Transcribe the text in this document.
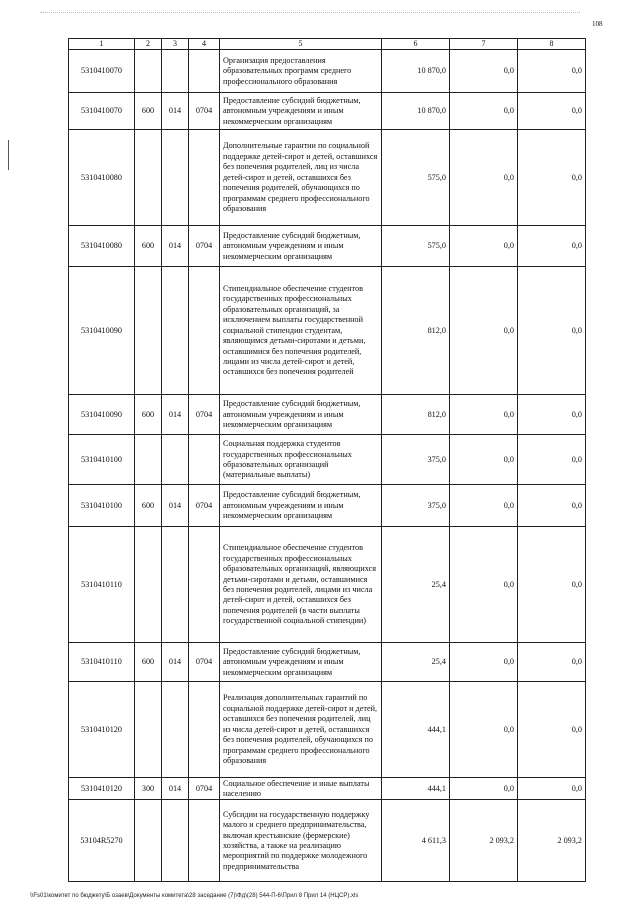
108
1	2	3	4	5	6	7	8
5310410070				Организация предоставления образовательных программ среднего профессионального образования	10 870,0	0,0	0,0
5310410070	600	014	0704	Предоставление субсидий бюджетным, автономным учреждениям и иным некоммерческим организациям	10 870,0	0,0	0,0
5310410080				Дополнительные гарантии по социальной поддержке детей-сирот и детей, оставшихся без попечения родителей, лиц из числа детей-сирот и детей, оставшихся без попечения родителей, обучающихся по программам среднего профессионального образования	575,0	0,0	0,0
5310410080	600	014	0704	Предоставление субсидий бюджетным, автономным учреждениям и иным некоммерческим организациям	575,0	0,0	0,0
5310410090				Стипендиальное обеспечение студентов государственных профессиональных образовательных организаций, за исключением выплаты государственной социальной стипендии студентам, являющимся детьми-сиротами и детьми, оставшимися без попечения родителей, лицами из числа детей-сирот и детей, оставшихся без попечения родителей	812,0	0,0	0,0
5310410090	600	014	0704	Предоставление субсидий бюджетным, автономным учреждениям и иным некоммерческим организациям	812,0	0,0	0,0
5310410100				Социальная поддержка студентов государственных профессиональных образовательных организаций (материальные выплаты)	375,0	0,0	0,0
5310410100	600	014	0704	Предоставление субсидий бюджетным, автономным учреждениям и иным некоммерческим организациям	375,0	0,0	0,0
5310410110				Стипендиальное обеспечение студентов государственных профессиональных образовательных организаций, являющихся детьми-сиротами и детьми, оставшимися без попечения родителей, лицами из числа детей-сирот и детей, оставшихся без попечения родителей (в части выплаты государственной социальной стипендии)	25,4	0,0	0,0
5310410110	600	014	0704	Предоставление субсидий бюджетным, автономным учреждениям и иным некоммерческим организациям	25,4	0,0	0,0
5310410120				Реализация дополнительных гарантий по социальной поддержке детей-сирот и детей, оставшихся без попечения родителей, лиц из числа детей-сирот и детей, оставшихся без попечения родителей, обучающихся по программам среднего профессионального образования	444,1	0,0	0,0
5310410120	300	014	0704	Социальное обеспечение и иные выплаты населению	444,1	0,0	0,0
53104R5270				Субсидии на государственную поддержку малого и среднего предпринимательства, включая крестьянские (фермерские) хозяйства, а также на реализацию мероприятий по поддержке молодежного предпринимательства	4 611,3	2 093,2	2 093,2
\\Fs01\комитет по бюджету\Б озаев\Документы комитета\28 заседание (7)\Фд\(28) 544-П-6\Прил 8 Прил 14 (НЦСР).xls
